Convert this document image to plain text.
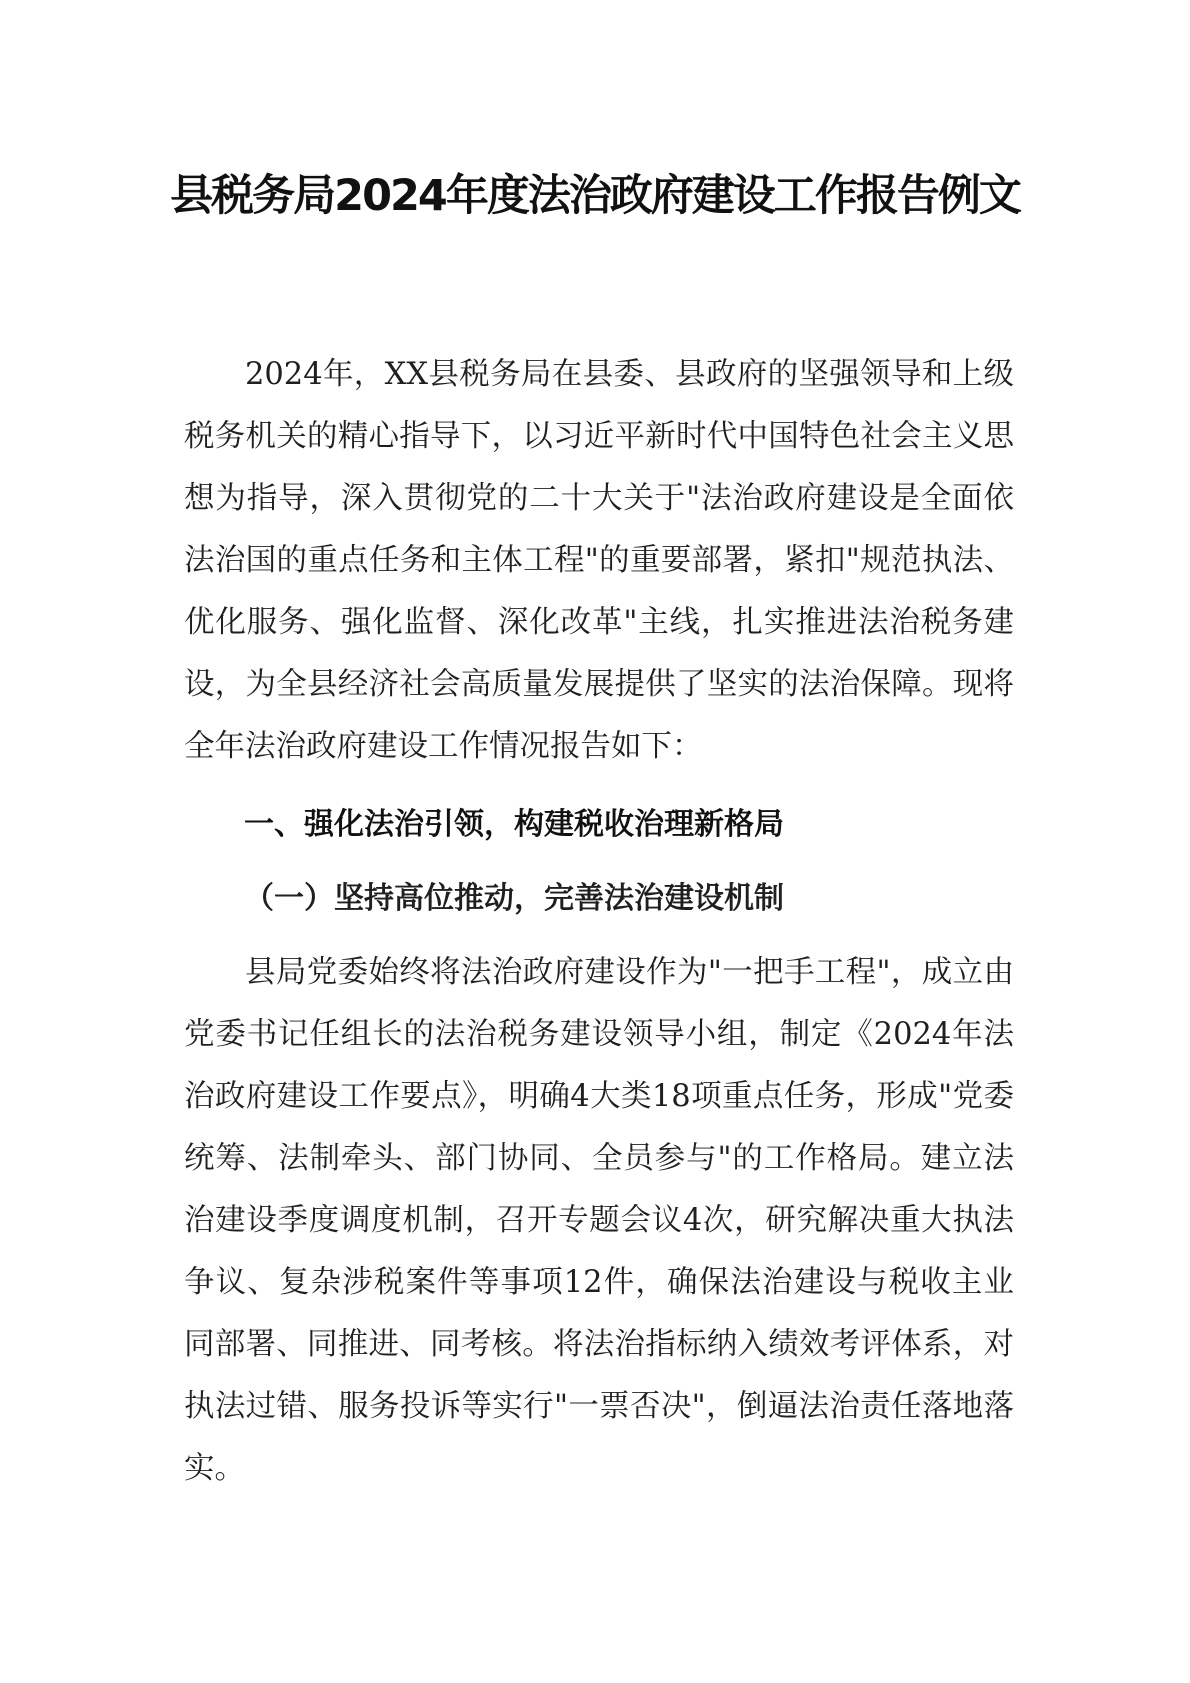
县税务局2024年度法治政府建设工作报告例文

2024年，XX县税务局在县委、县政府的坚强领导和上级税务机关的精心指导下，以习近平新时代中国特色社会主义思想为指导，深入贯彻党的二十大关于"法治政府建设是全面依法治国的重点任务和主体工程"的重要部署，紧扣"规范执法、优化服务、强化监督、深化改革"主线，扎实推进法治税务建设，为全县经济社会高质量发展提供了坚实的法治保障。现将全年法治政府建设工作情况报告如下：

一、强化法治引领，构建税收治理新格局
（一）坚持高位推动，完善法治建设机制

县局党委始终将法治政府建设作为"一把手工程"，成立由党委书记任组长的法治税务建设领导小组，制定《2024年法治政府建设工作要点》，明确4大类18项重点任务，形成"党委统筹、法制牵头、部门协同、全员参与"的工作格局。建立法治建设季度调度机制，召开专题会议4次，研究解决重大执法争议、复杂涉税案件等事项12件，确保法治建设与税收主业同部署、同推进、同考核。将法治指标纳入绩效考评体系，对执法过错、服务投诉等实行"一票否决"，倒逼法治责任落地落实。
